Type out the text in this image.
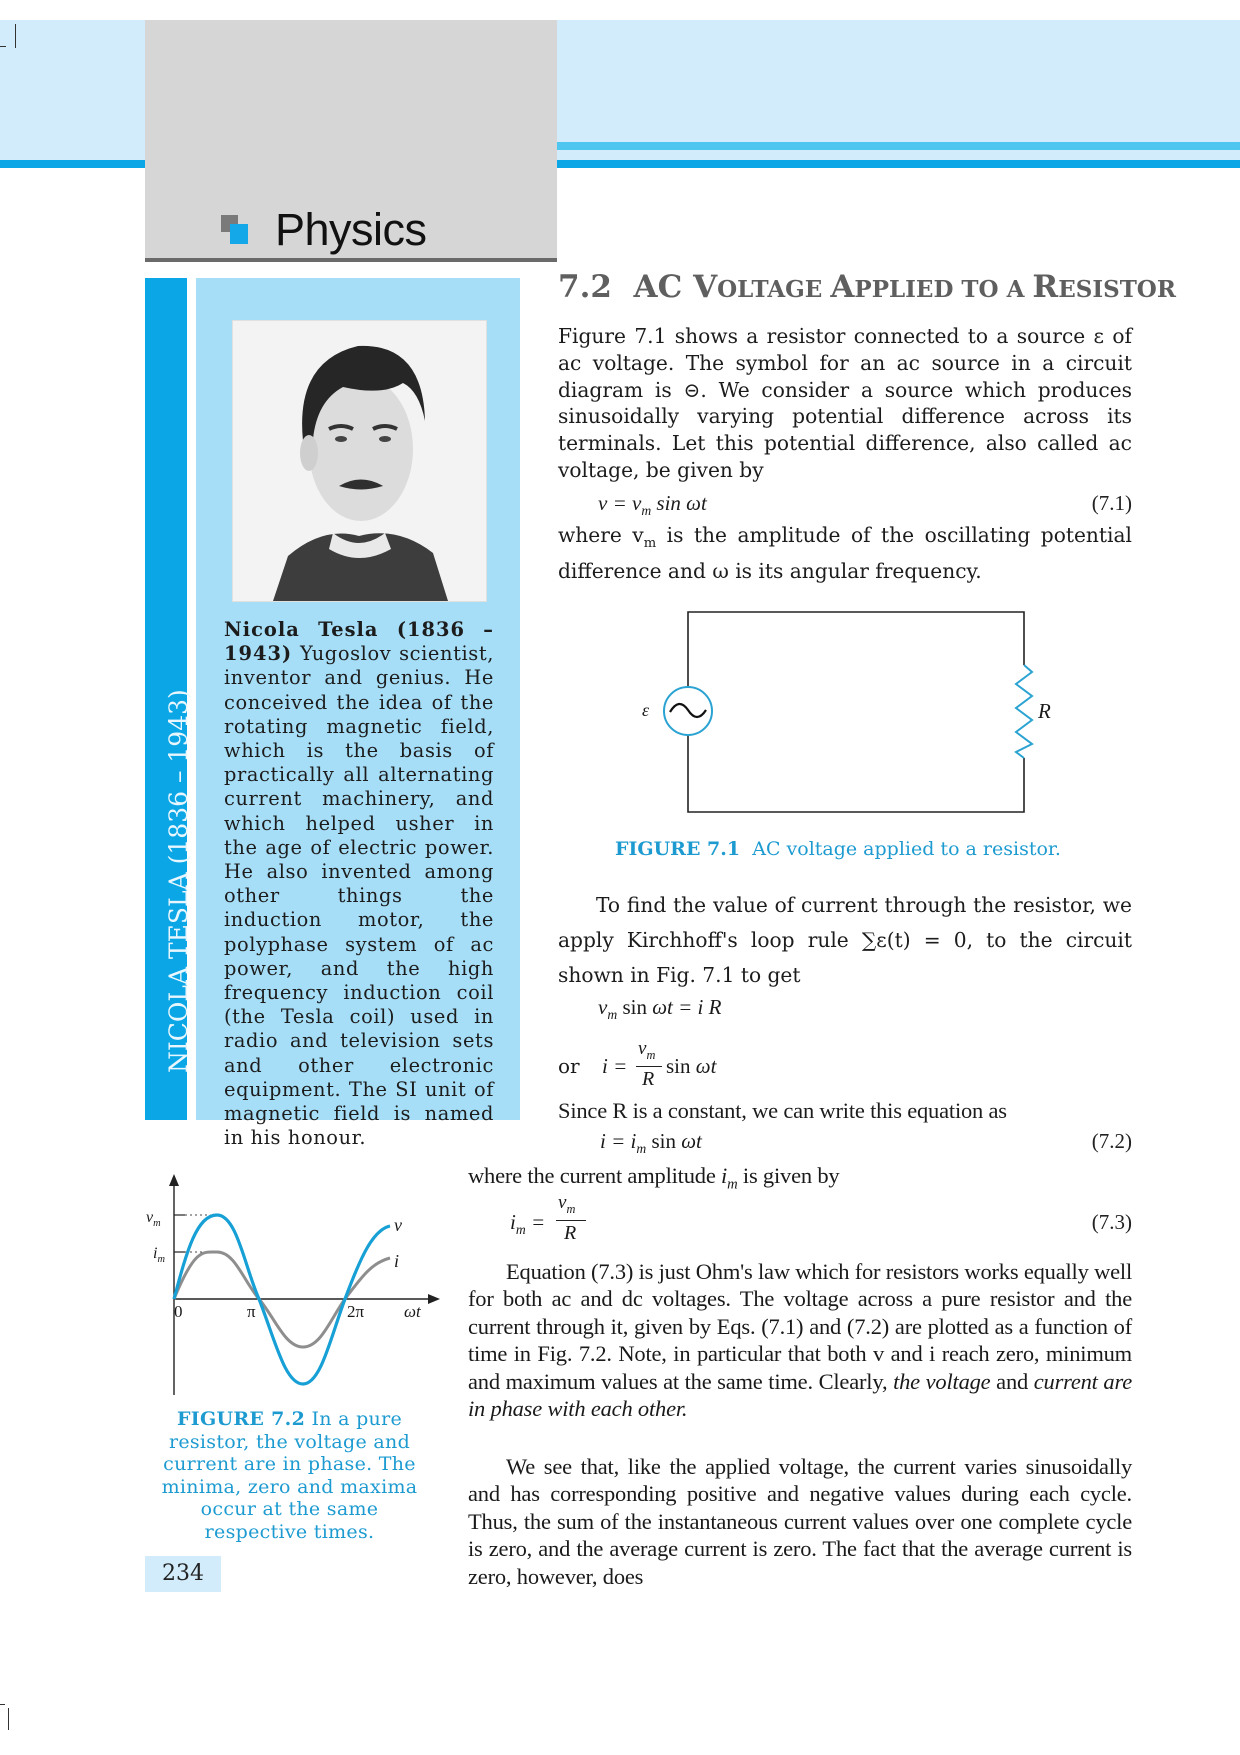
Physics
NICOLA TESLA (1836 – 1943)
Nicola Tesla (1836 – 1943) Yugoslov scientist, inventor and genius. He conceived the idea of the rotating magnetic field, which is the basis of practically all alternating current machinery, and which helped usher in the age of electric power. He also invented among other things the induction motor, the polyphase system of ac power, and the high frequency induction coil (the Tesla coil) used in radio and television sets and other electronic equipment. The SI unit of magnetic field is named in his honour.
7.2 AC VOLTAGE APPLIED TO A RESISTOR
Figure 7.1 shows a resistor connected to a source ε of ac voltage. The symbol for an ac source in a circuit diagram is ⊝. We consider a source which produces sinusoidally varying potential difference across its terminals. Let this potential difference, also called ac voltage, be given by
$v = v_m$ sin ωt	(7.1)
where $v_m$ is the amplitude of the oscillating potential difference and ω is its angular frequency.
ε	R
FIGURE 7.1 AC voltage applied to a resistor.
To find the value of current through the resistor, we apply Kirchhoff's loop rule ∑ε(t) = 0, to the circuit shown in Fig. 7.1 to get
$v_m$ sin ωt = i R
or i =
$v_m$
R
sin ωt
Since R is a constant, we can write this equation as
$i = i_m$ sin ωt	(7.2)
where the current amplitude $i_m$ is given by
$i_m$ =
$v_m$
R	(7.3)
Equation (7.3) is just Ohm's law which for resistors works equally well for both ac and dc voltages. The voltage across a pure resistor and the current through it, given by Eqs. (7.1) and (7.2) are plotted as a function of time in Fig. 7.2. Note, in particular that both v and i reach zero, minimum and maximum values at the same time. Clearly, the voltage and current are in phase with each other.
We see that, like the applied voltage, the current varies sinusoidally and has corresponding positive and negative values during each cycle. Thus, the sum of the instantaneous current values over one complete cycle is zero, and the average current is zero. The fact that the average current is zero, however, does
$v_m$
$i_m$
0	π	2π ωt
v
i
FIGURE 7.2 In a pure resistor, the voltage and current are in phase. The minima, zero and maxima occur at the same respective times.
234
